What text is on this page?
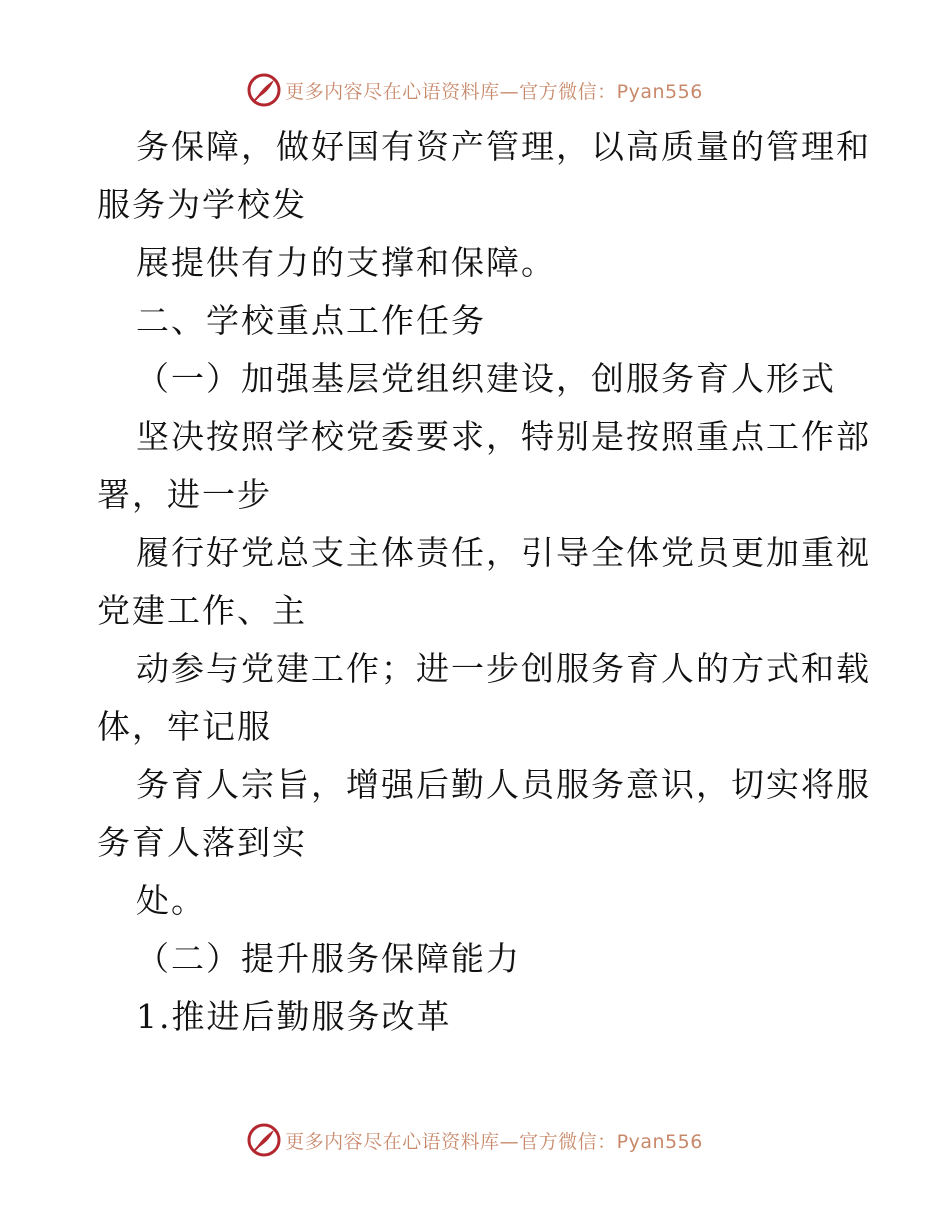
更多内容尽在心语资料库—官方微信：Pyan556
务保障，做好国有资产管理，以高质量的管理和
服务为学校发
展提供有力的支撑和保障。
二、学校重点工作任务
（一）加强基层党组织建设，创服务育人形式
坚决按照学校党委要求，特别是按照重点工作部
署，进一步
履行好党总支主体责任，引导全体党员更加重视
党建工作、主
动参与党建工作；进一步创服务育人的方式和载
体，牢记服
务育人宗旨，增强后勤人员服务意识，切实将服
务育人落到实
处。
（二）提升服务保障能力
1.推进后勤服务改革
更多内容尽在心语资料库—官方微信：Pyan556
